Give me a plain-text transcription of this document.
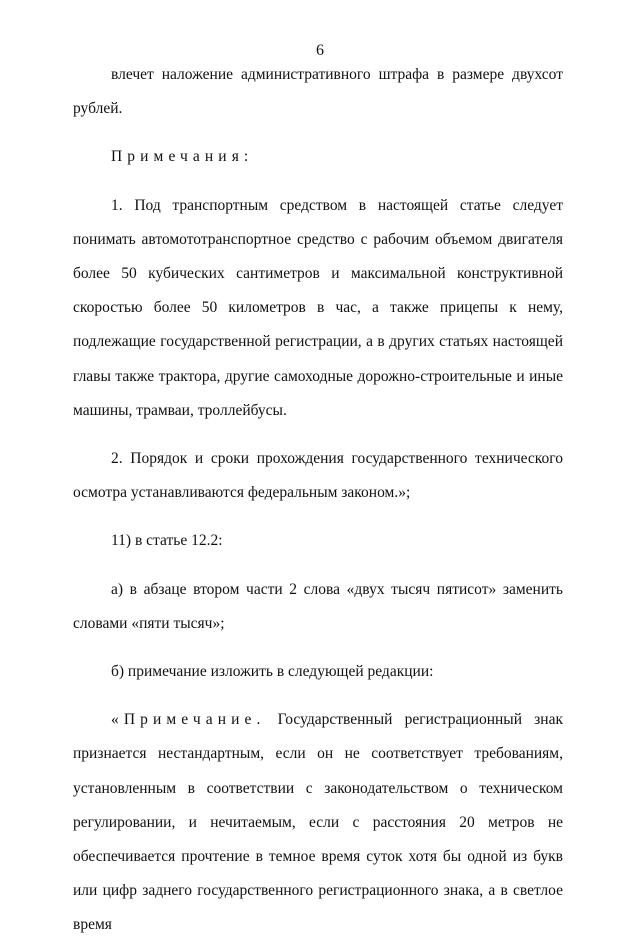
6

влечет наложение административного штрафа в размере двухсот рублей.

Примечания:

1. Под транспортным средством в настоящей статье следует понимать автомототранспортное средство с рабочим объемом двигателя более 50 кубических сантиметров и максимальной конструктивной скоростью более 50 километров в час, а также прицепы к нему, подлежащие государственной регистрации, а в других статьях настоящей главы также трактора, другие самоходные дорожно-строительные и иные машины, трамваи, троллейбусы.

2. Порядок и сроки прохождения государственного технического осмотра устанавливаются федеральным законом.»;

11) в статье 12.2:

а) в абзаце втором части 2 слова «двух тысяч пятисот» заменить словами «пяти тысяч»;

б) примечание изложить в следующей редакции:

«Примечание. Государственный регистрационный знак признается нестандартным, если он не соответствует требованиям, установленным в соответствии с законодательством о техническом регулировании, и нечитаемым, если с расстояния 20 метров не обеспечивается прочтение в темное время суток хотя бы одной из букв или цифр заднего государственного регистрационного знака, а в светлое время
